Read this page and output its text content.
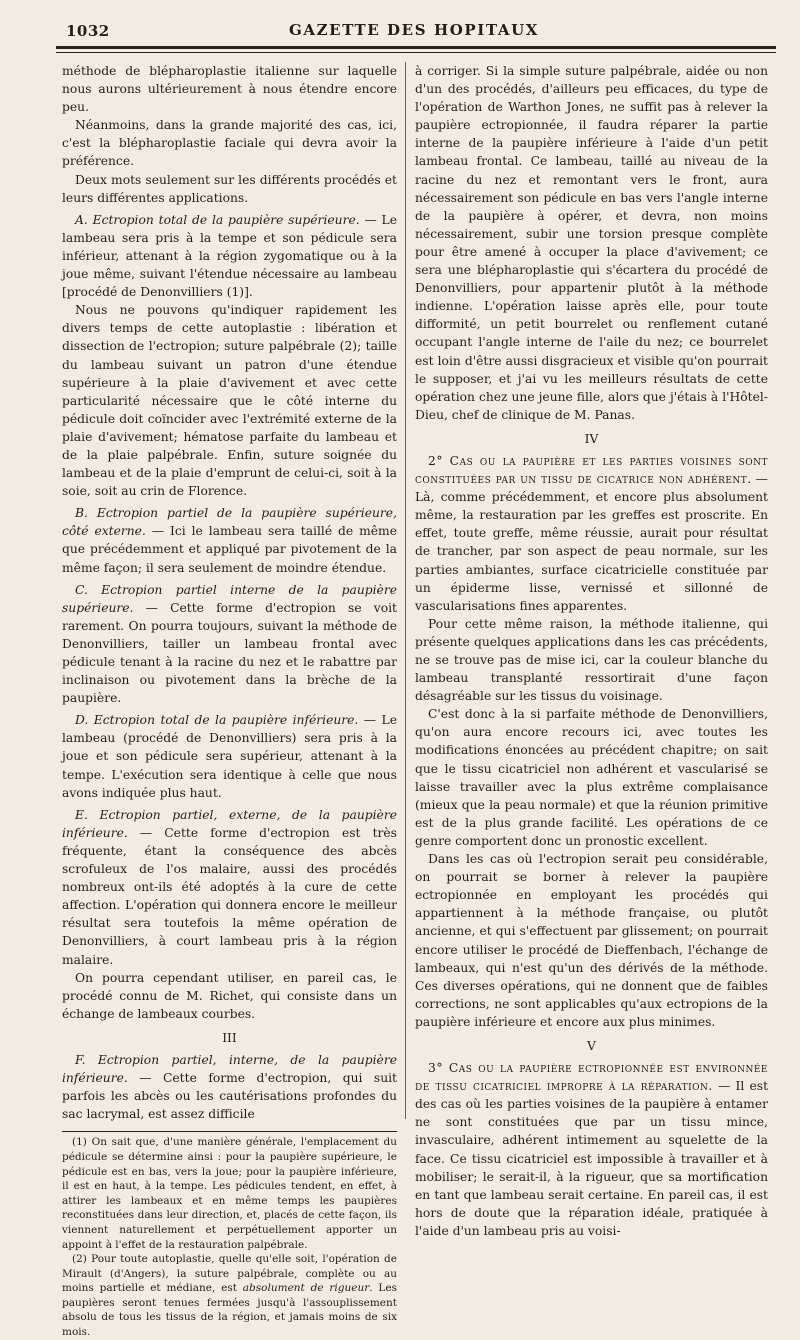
1032	GAZETTE DES HOPITAUX

méthode de blépharoplastie italienne sur laquelle nous aurons ultérieurement à nous étendre encore peu.

Néanmoins, dans la grande majorité des cas, ici, c'est la blépharoplastie faciale qui devra avoir la préférence.

Deux mots seulement sur les différents procédés et leurs différentes applications.

A. Ectropion total de la paupière supérieure. — Le lambeau sera pris à la tempe et son pédicule sera inférieur, attenant à la région zygomatique ou à la joue même, suivant l'étendue nécessaire au lambeau [procédé de Denonvilliers (1)].

Nous ne pouvons qu'indiquer rapidement les divers temps de cette autoplastie : libération et dissection de l'ectropion; suture palpébrale (2); taille du lambeau suivant un patron d'une étendue supérieure à la plaie d'avivement et avec cette particularité nécessaire que le côté interne du pédicule doit coïncider avec l'extrémité externe de la plaie d'avivement; hématose parfaite du lambeau et de la plaie palpébrale. Enfin, suture soignée du lambeau et de la plaie d'emprunt de celui-ci, soit à la soie, soit au crin de Florence.

B. Ectropion partiel de la paupière supérieure, côté externe. — Ici le lambeau sera taillé de même que précédemment et appliqué par pivotement de la même façon; il sera seulement de moindre étendue.

C. Ectropion partiel interne de la paupière supérieure. — Cette forme d'ectropion se voit rarement. On pourra toujours, suivant la méthode de Denonvilliers, tailler un lambeau frontal avec pédicule tenant à la racine du nez et le rabattre par inclinaison ou pivotement dans la brèche de la paupière.

D. Ectropion total de la paupière inférieure. — Le lambeau (procédé de Denonvilliers) sera pris à la joue et son pédicule sera supérieur, attenant à la tempe. L'exécution sera identique à celle que nous avons indiquée plus haut.

E. Ectropion partiel, externe, de la paupière inférieure. — Cette forme d'ectropion est très fréquente, étant la conséquence des abcès scrofuleux de l'os malaire, aussi des procédés nombreux ont-ils été adoptés à la cure de cette affection. L'opération qui donnera encore le meilleur résultat sera toutefois la même opération de Denonvilliers, à court lambeau pris à la région malaire.

On pourra cependant utiliser, en pareil cas, le procédé connu de M. Richet, qui consiste dans un échange de lambeaux courbes.

III

F. Ectropion partiel, interne, de la paupière inférieure. — Cette forme d'ectropion, qui suit parfois les abcès ou les cautérisations profondes du sac lacrymal, est assez difficile

(1) On sait que, d'une manière générale, l'emplacement du pédicule se détermine ainsi : pour la paupière supérieure, le pédicule est en bas, vers la joue; pour la paupière inférieure, il est en haut, à la tempe. Les pédicules tendent, en effet, à attirer les lambeaux et en même temps les paupières reconstituées dans leur direction, et, placés de cette façon, ils viennent naturellement et perpétuellement apporter un appoint à l'effet de la restauration palpébrale.

(2) Pour toute autoplastie, quelle qu'elle soit, l'opération de Mirault (d'Angers), la suture palpébrale, complète ou au moins partielle et médiane, est absolument de rigueur. Les paupières seront tenues fermées jusqu'à l'assouplissement absolu de tous les tissus de la région, et jamais moins de six mois.

à corriger. Si la simple suture palpébrale, aidée ou non d'un des procédés, d'ailleurs peu efficaces, du type de l'opération de Warthon Jones, ne suffit pas à relever la paupière ectropionnée, il faudra réparer la partie interne de la paupière inférieure à l'aide d'un petit lambeau frontal. Ce lambeau, taillé au niveau de la racine du nez et remontant vers le front, aura nécessairement son pédicule en bas vers l'angle interne de la paupière à opérer, et devra, non moins nécessairement, subir une torsion presque complète pour être amené à occuper la place d'avivement; ce sera une blépharoplastie qui s'écartera du procédé de Denonvilliers, pour appartenir plutôt à la méthode indienne. L'opération laisse après elle, pour toute difformité, un petit bourrelet ou renflement cutané occupant l'angle interne de l'aile du nez; ce bourrelet est loin d'être aussi disgracieux et visible qu'on pourrait le supposer, et j'ai vu les meilleurs résultats de cette opération chez une jeune fille, alors que j'étais à l'Hôtel-Dieu, chef de clinique de M. Panas.

IV

2° Cas ou la paupière et les parties voisines sont constituées par un tissu de cicatrice non adhérent. — Là, comme précédemment, et encore plus absolument même, la restauration par les greffes est proscrite. En effet, toute greffe, même réussie, aurait pour résultat de trancher, par son aspect de peau normale, sur les parties ambiantes, surface cicatricielle constituée par un épiderme lisse, vernissé et sillonné de vascularisations fines apparentes.

Pour cette même raison, la méthode italienne, qui présente quelques applications dans les cas précédents, ne se trouve pas de mise ici, car la couleur blanche du lambeau transplanté ressortirait d'une façon désagréable sur les tissus du voisinage.

C'est donc à la si parfaite méthode de Denonvilliers, qu'on aura encore recours ici, avec toutes les modifications énoncées au précédent chapitre; on sait que le tissu cicatriciel non adhérent et vascularisé se laisse travailler avec la plus extrême complaisance (mieux que la peau normale) et que la réunion primitive est de la plus grande facilité. Les opérations de ce genre comportent donc un pronostic excellent.

Dans les cas où l'ectropion serait peu considérable, on pourrait se borner à relever la paupière ectropionnée en employant les procédés qui appartiennent à la méthode française, ou plutôt ancienne, et qui s'effectuent par glissement; on pourrait encore utiliser le procédé de Dieffenbach, l'échange de lambeaux, qui n'est qu'un des dérivés de la méthode. Ces diverses opérations, qui ne donnent que de faibles corrections, ne sont applicables qu'aux ectropions de la paupière inférieure et encore aux plus minimes.

V

3° Cas ou la paupière ectropionnée est environnée de tissu cicatriciel impropre à la réparation. — Il est des cas où les parties voisines de la paupière à entamer ne sont constituées que par un tissu mince, invasculaire, adhérent intimement au squelette de la face. Ce tissu cicatriciel est impossible à travailler et à mobiliser; le serait-il, à la rigueur, que sa mortification en tant que lambeau serait certaine. En pareil cas, il est hors de doute que la réparation idéale, pratiquée à l'aide d'un lambeau pris au voisi-
